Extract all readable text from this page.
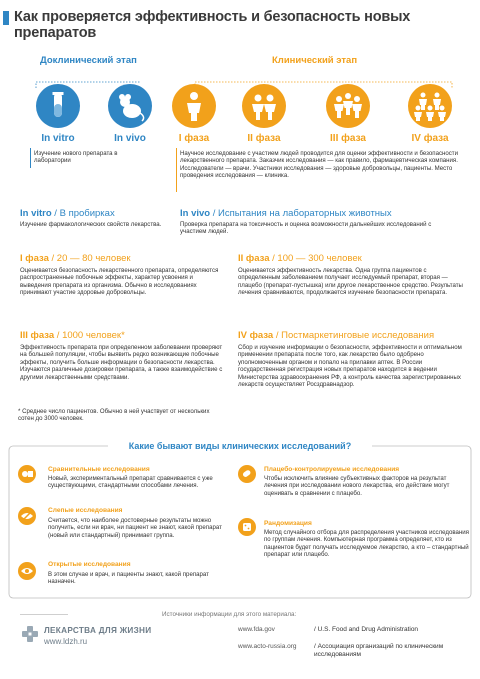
Как проверяется эффективность и безопасность новых препаратов
Доклинический этап	Клинический этап
In vitro	In vivo	I фаза	II фаза	III фаза	IV фаза
Изучение нового препарата в лаборатории
Научное исследование с участием людей проводится для оценки эффективности и безопасности лекарственного препарата. Заказчик исследования — как правило, фармацевтическая компания. Исследователи — врачи. Участники исследования — здоровые добровольцы, пациенты. Место проведения исследования — клиника.
In vitro / В пробирках
Изучение фармакологических свойств лекарства.
In vivo / Испытания на лабораторных животных
Проверка препарата на токсичность и оценка возможности дальнейших исследований с участием людей.
I фаза / 20 — 80 человек
Оценивается безопасность лекарственного препарата, определяются распространенные побочные эффекты, характер усвоения и выведения препарата из организма. Обычно в исследованиях принимают участие здоровые добровольцы.
II фаза / 100 — 300 человек
Оценивается эффективность лекарства. Одна группа пациентов с определенным заболеванием получает исследуемый препарат, вторая — плацебо (препарат-пустышка) или другое лекарственное средство. Результаты лечения сравниваются, продолжается изучение безопасности препарата.
III фаза / 1000 человек*
Эффективность препарата при определенном заболевании проверяют на большей популяции, чтобы выявить редко возникающие побочные эффекты, получить больше информации о безопасности лекарства. Изучаются различные дозировки препарата, а также взаимодействие с другими лекарственными средствами.
* Среднее число пациентов. Обычно в ней участвует от нескольких сотен до 3000 человек.
IV фаза / Постмаркетинговые исследования
Сбор и изучение информации о безопасности, эффективности и оптимальном применении препарата после того, как лекарство было одобрено уполномоченным органом и попало на прилавки аптек. В России государственная регистрация новых препаратов находится в ведении Министерства здравоохранения РФ, а контроль качества зарегистрированных лекарств осуществляет Росздравнадзор.
Какие бывают виды клинических исследований?
Сравнительные исследования
Новый, экспериментальный препарат сравнивается с уже существующими, стандартными способами лечения.
Слепые исследования
Считается, что наиболее достоверные результаты можно получить, если ни врач, ни пациент не знают, какой препарат (новый или стандартный) принимает группа.
Открытые исследования
В этом случае и врач, и пациенты знают, какой препарат назначен.
Плацебо-контролируемые исследования
Чтобы исключить влияние субъективных факторов на результат лечения при исследовании нового лекарства, его действие могут оценивать в сравнении с плацебо.
Рандомизация
Метод случайного отбора для распределения участников исследования по группам лечения. Компьютерная программа определяет, кто из пациентов будет получать исследуемое лекарство, а кто – стандартный препарат или плацебо.
Источники информации для этого материала:
ЛЕКАРСТВА ДЛЯ ЖИЗНИ
www.ldzh.ru
www.fda.gov	/ U.S. Food and Drug Administration
www.acto-russia.org	/ Ассоциация организаций по клиническим исследованиям
